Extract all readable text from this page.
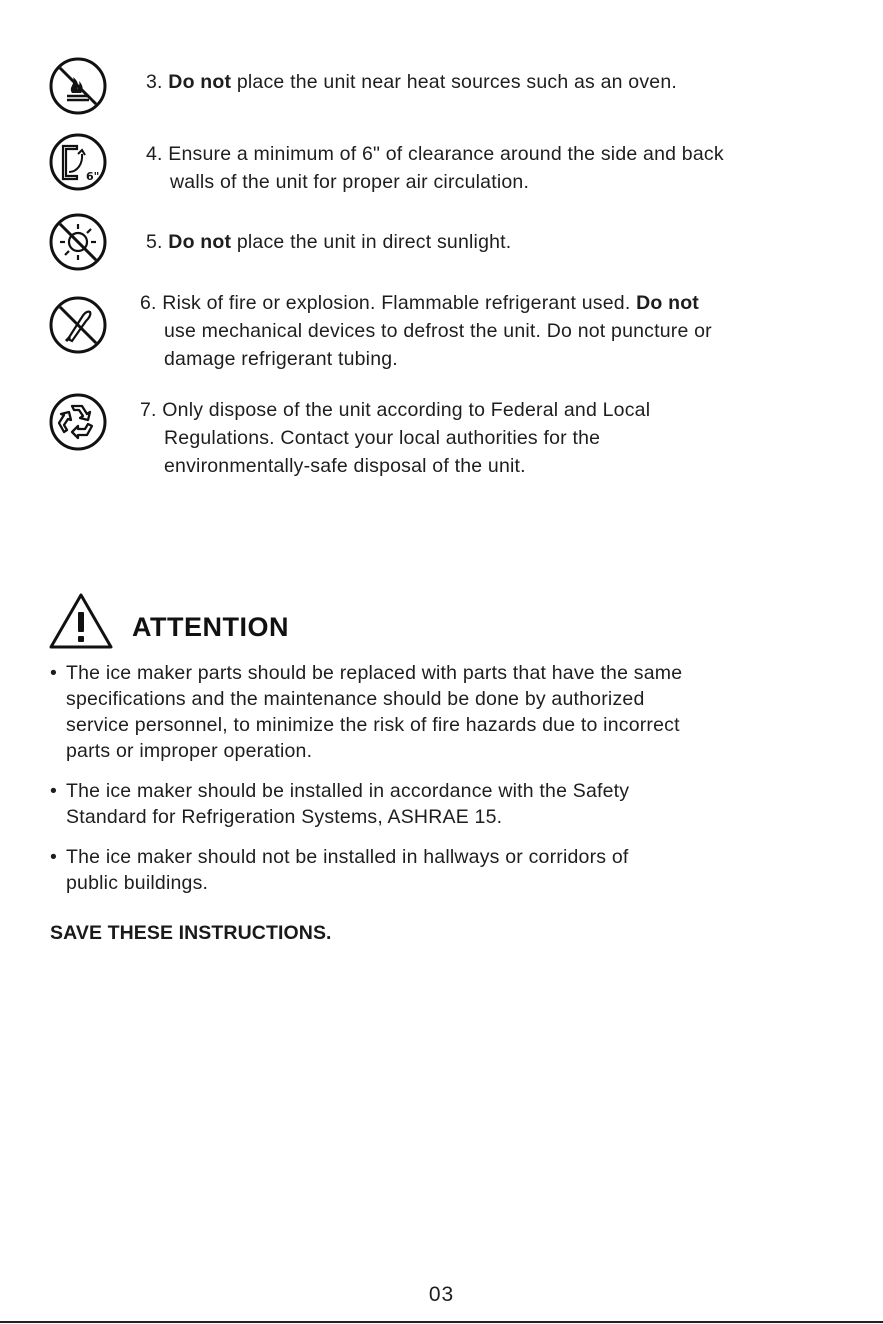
3. Do not place the unit near heat sources such as an oven.
6"
4. Ensure a minimum of 6" of clearance around the side and back
walls of the unit for proper air circulation.
5. Do not place the unit in direct sunlight.
6. Risk of fire or explosion. Flammable refrigerant used. Do not
use mechanical devices to defrost the unit. Do not puncture or
damage refrigerant tubing.
7. Only dispose of the unit according to Federal and Local
Regulations. Contact your local authorities for the
environmentally-safe disposal of the unit.
ATTENTION
• The ice maker parts should be replaced with parts that have the same
specifications and the maintenance should be done by authorized
service personnel, to minimize the risk of fire hazards due to incorrect
parts or improper operation.
• The ice maker should be installed in accordance with the Safety
Standard for Refrigeration Systems, ASHRAE 15.
• The ice maker should not be installed in hallways or corridors of
public buildings.
SAVE THESE INSTRUCTIONS.
03
